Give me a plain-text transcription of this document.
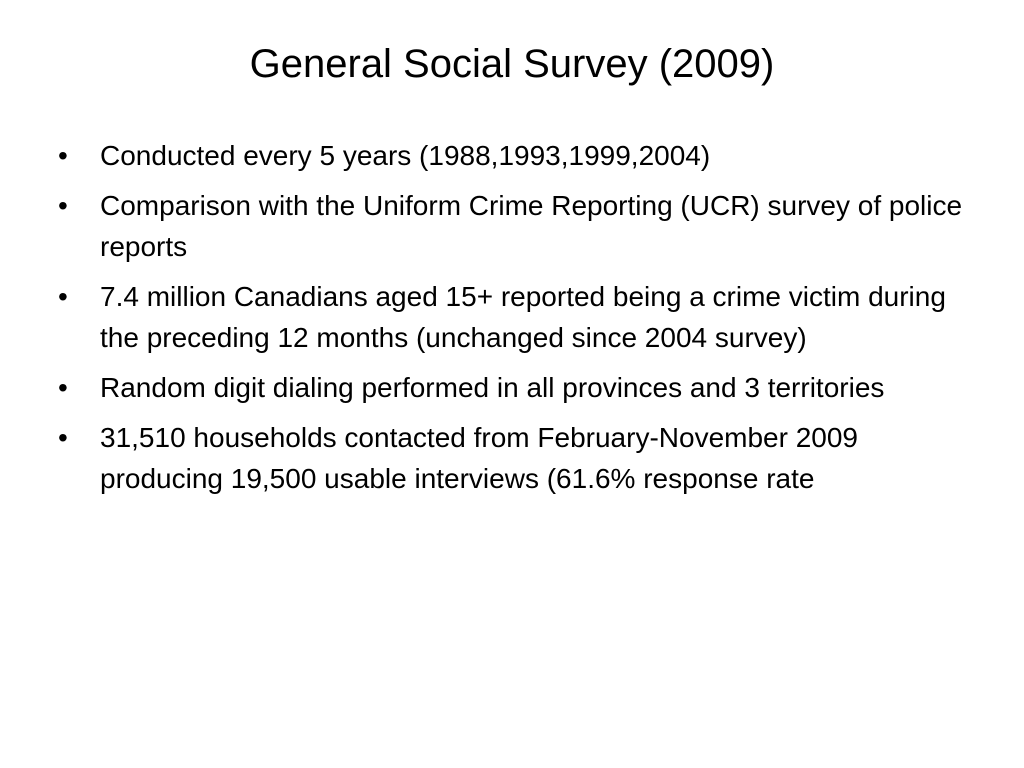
General Social Survey (2009)
•	Conducted every 5 years (1988,1993,1999,2004)
•	Comparison with the Uniform Crime Reporting (UCR) survey of police reports
•	7.4 million Canadians aged 15+ reported being a crime victim during the preceding 12 months (unchanged since 2004 survey)
•	Random digit dialing performed in all provinces and 3 territories
•	31,510 households contacted from February-November 2009 producing 19,500 usable interviews (61.6% response rate
